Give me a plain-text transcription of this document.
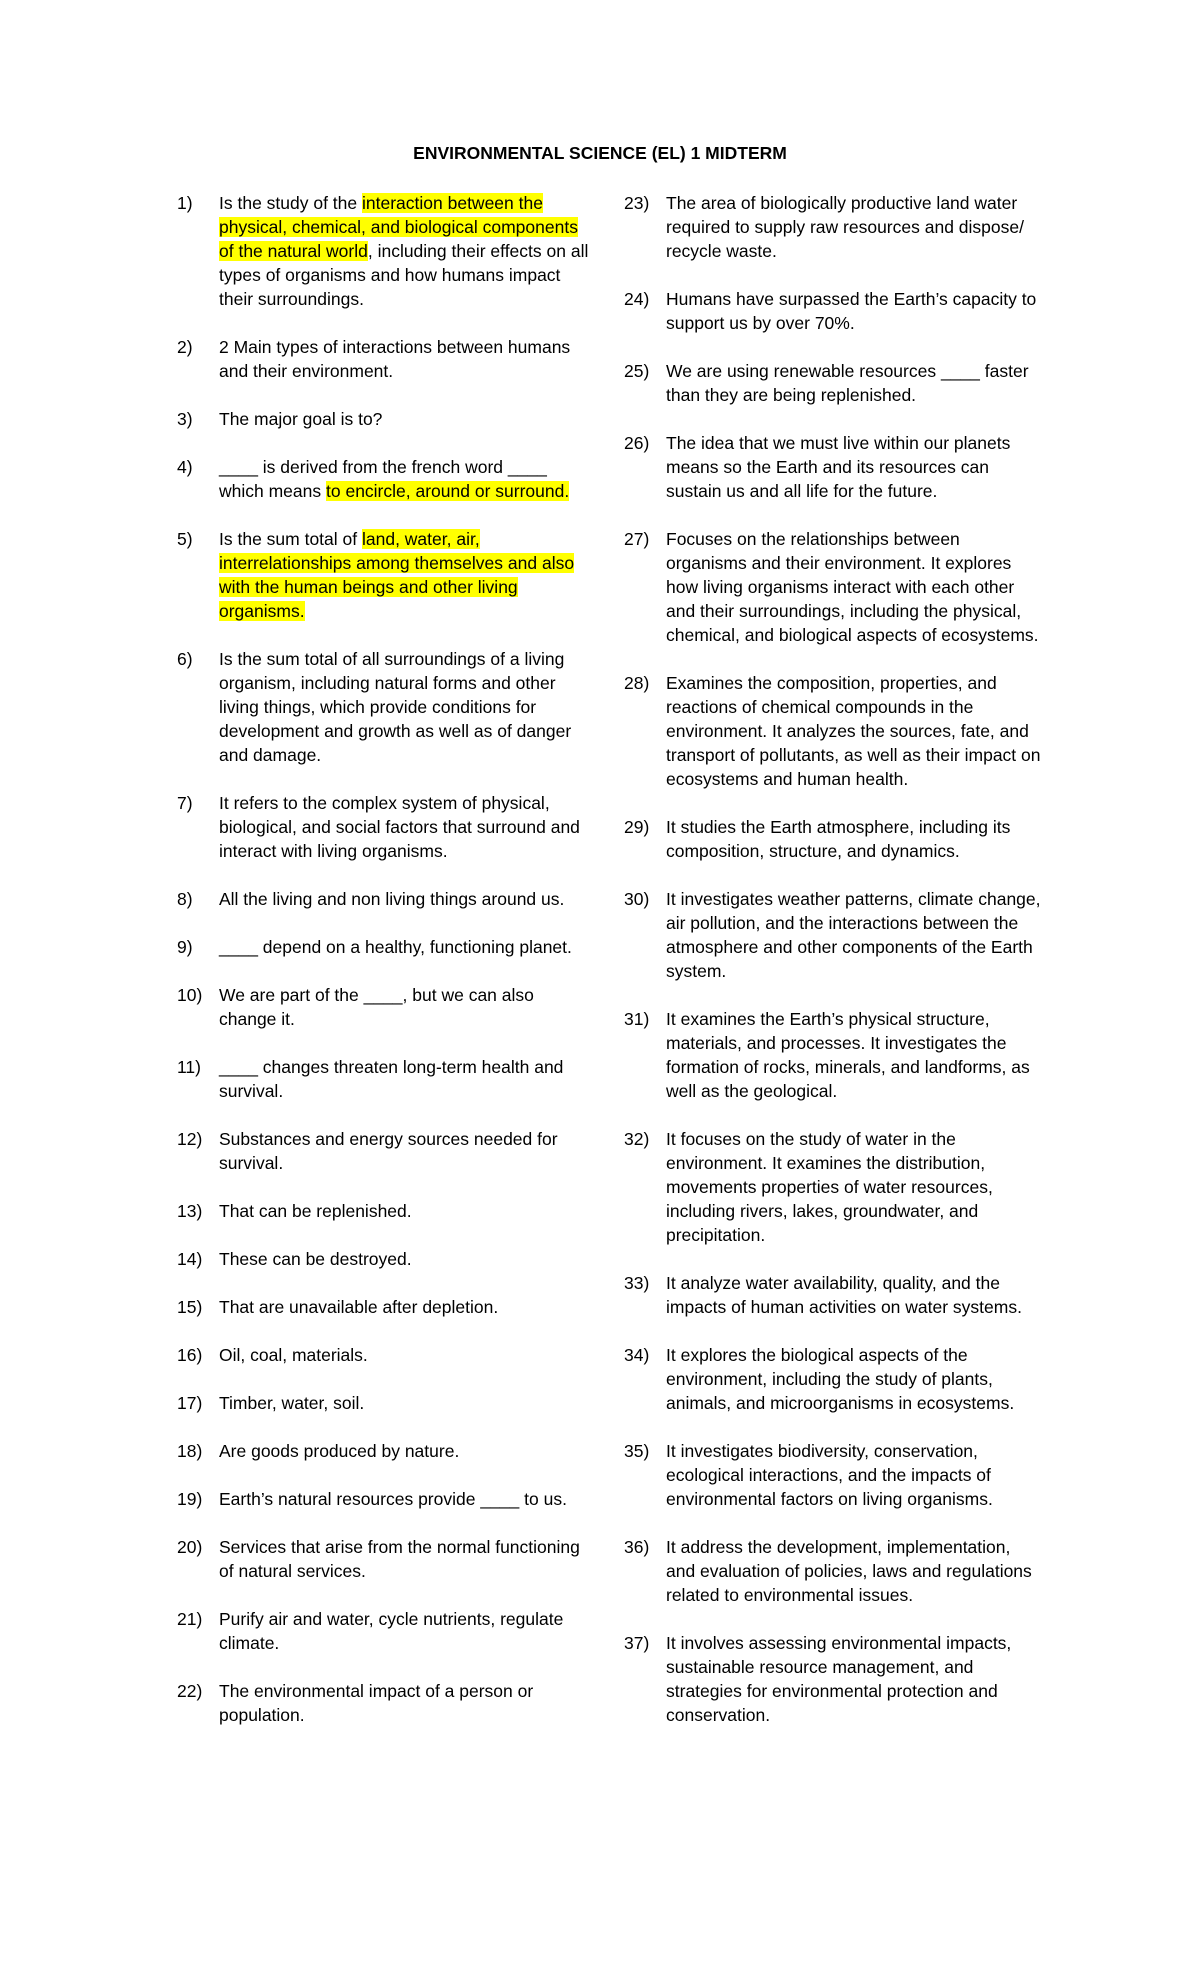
ENVIRONMENTAL SCIENCE (EL) 1 MIDTERM
1)	Is the study of the interaction between the physical, chemical, and biological components of the natural world, including their effects on all types of organisms and how humans impact their surroundings.
2)	2 Main types of interactions between humans and their environment.
3)	The major goal is to?
4)	____ is derived from the french word ____ which means to encircle, around or surround.
5)	Is the sum total of land, water, air, interrelationships among themselves and also with the human beings and other living organisms.
6)	Is the sum total of all surroundings of a living organism, including natural forms and other living things, which provide conditions for development and growth as well as of danger and damage.
7)	It refers to the complex system of physical, biological, and social factors that surround and interact with living organisms.
8)	All the living and non living things around us.
9)	____ depend on a healthy, functioning planet.
10) We are part of the ____, but we can also change it.
11)	____ changes threaten long-term health and survival.
12) Substances and energy sources needed for survival.
13) That can be replenished.
14) These can be destroyed.
15) That are unavailable after depletion.
16) Oil, coal, materials.
17) Timber, water, soil.
18) Are goods produced by nature.
19) Earth’s natural resources provide ____ to us.
20) Services that arise from the normal functioning of natural services.
21) Purify air and water, cycle nutrients, regulate climate.
22) The environmental impact of a person or population.
23) The area of biologically productive land water required to supply raw resources and dispose/ recycle waste.
24) Humans have surpassed the Earth’s capacity to support us by over 70%.
25) We are using renewable resources ____ faster than they are being replenished.
26) The idea that we must live within our planets means so the Earth and its resources can sustain us and all life for the future.
27) Focuses on the relationships between organisms and their environment. It explores how living organisms interact with each other and their surroundings, including the physical, chemical, and biological aspects of ecosystems.
28) Examines the composition, properties, and reactions of chemical compounds in the environment. It analyzes the sources, fate, and transport of pollutants, as well as their impact on ecosystems and human health.
29) It studies the Earth atmosphere, including its composition, structure, and dynamics.
30) It investigates weather patterns, climate change, air pollution, and the interactions between the atmosphere and other components of the Earth system.
31) It examines the Earth’s physical structure, materials, and processes. It investigates the formation of rocks, minerals, and landforms, as well as the geological.
32) It focuses on the study of water in the environment. It examines the distribution, movements properties of water resources, including rivers, lakes, groundwater, and precipitation.
33) It analyze water availability, quality, and the impacts of human activities on water systems.
34) It explores the biological aspects of the environment, including the study of plants, animals, and microorganisms in ecosystems.
35) It investigates biodiversity, conservation, ecological interactions, and the impacts of environmental factors on living organisms.
36) It address the development, implementation, and evaluation of policies, laws and regulations related to environmental issues.
37) It involves assessing environmental impacts, sustainable resource management, and strategies for environmental protection and conservation.
